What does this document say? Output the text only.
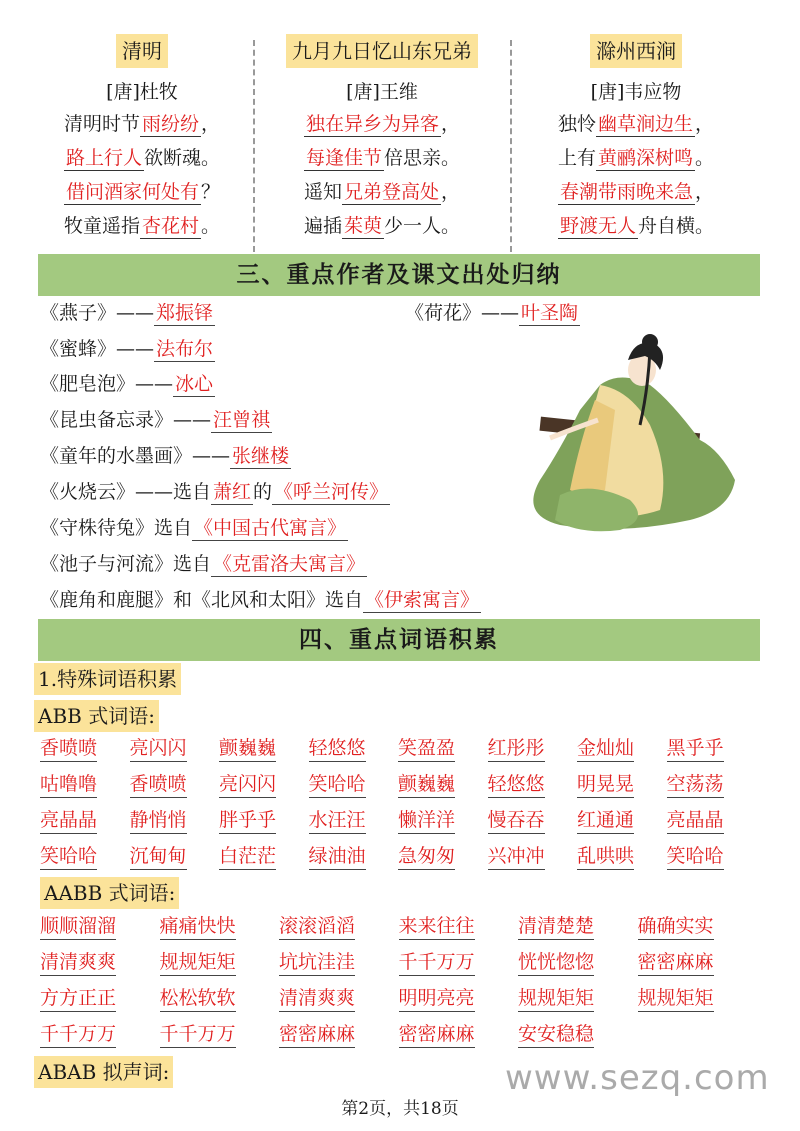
清明
[唐]杜牧
清明时节 雨纷纷 ，
路上行人 欲断魂。
借问酒家何处有 ？
牧童遥指 杏花村 。
九月九日忆山东兄弟
[唐]王维
独在异乡为异客 ，
每逢佳节 倍思亲。
遥知 兄弟登高处 ，
遍插 茱萸 少一人。
滁州西涧
[唐]韦应物
独怜 幽草涧边生 ，
上有 黄鹂深树鸣 。
春潮带雨晚来急 ，
野渡无人 舟自横。
三、重点作者及课文出处归纳
《燕子》—— 郑振铎	《荷花》—— 叶圣陶
《蜜蜂》—— 法布尔
《肥皂泡》—— 冰心
《昆虫备忘录》—— 汪曾祺
《童年的水墨画》—— 张继楼
《火烧云》——选自 萧红 的 《呼兰河传》
《守株待兔》选自 《中国古代寓言》
《池子与河流》选自 《克雷洛夫寓言》
《鹿角和鹿腿》和《北风和太阳》选自 《伊索寓言》
四、重点词语积累
1.特殊词语积累
ABB 式词语:
香喷喷 亮闪闪 颤巍巍 轻悠悠 笑盈盈 红彤彤 金灿灿 黑乎乎
咕噜噜 香喷喷 亮闪闪 笑哈哈 颤巍巍 轻悠悠 明晃晃 空荡荡
亮晶晶 静悄悄 胖乎乎 水汪汪 懒洋洋 慢吞吞 红通通 亮晶晶
笑哈哈 沉甸甸 白茫茫 绿油油 急匆匆 兴冲冲 乱哄哄 笑哈哈
AABB 式词语:
顺顺溜溜 痛痛快快 滚滚滔滔 来来往往 清清楚楚 确确实实
清清爽爽 规规矩矩 坑坑洼洼 千千万万 恍恍惚惚 密密麻麻
方方正正 松松软软 清清爽爽 明明亮亮 规规矩矩 规规矩矩
千千万万 千千万万 密密麻麻 密密麻麻 安安稳稳
ABAB 拟声词:	www.sezq.com
第2页，共18页
